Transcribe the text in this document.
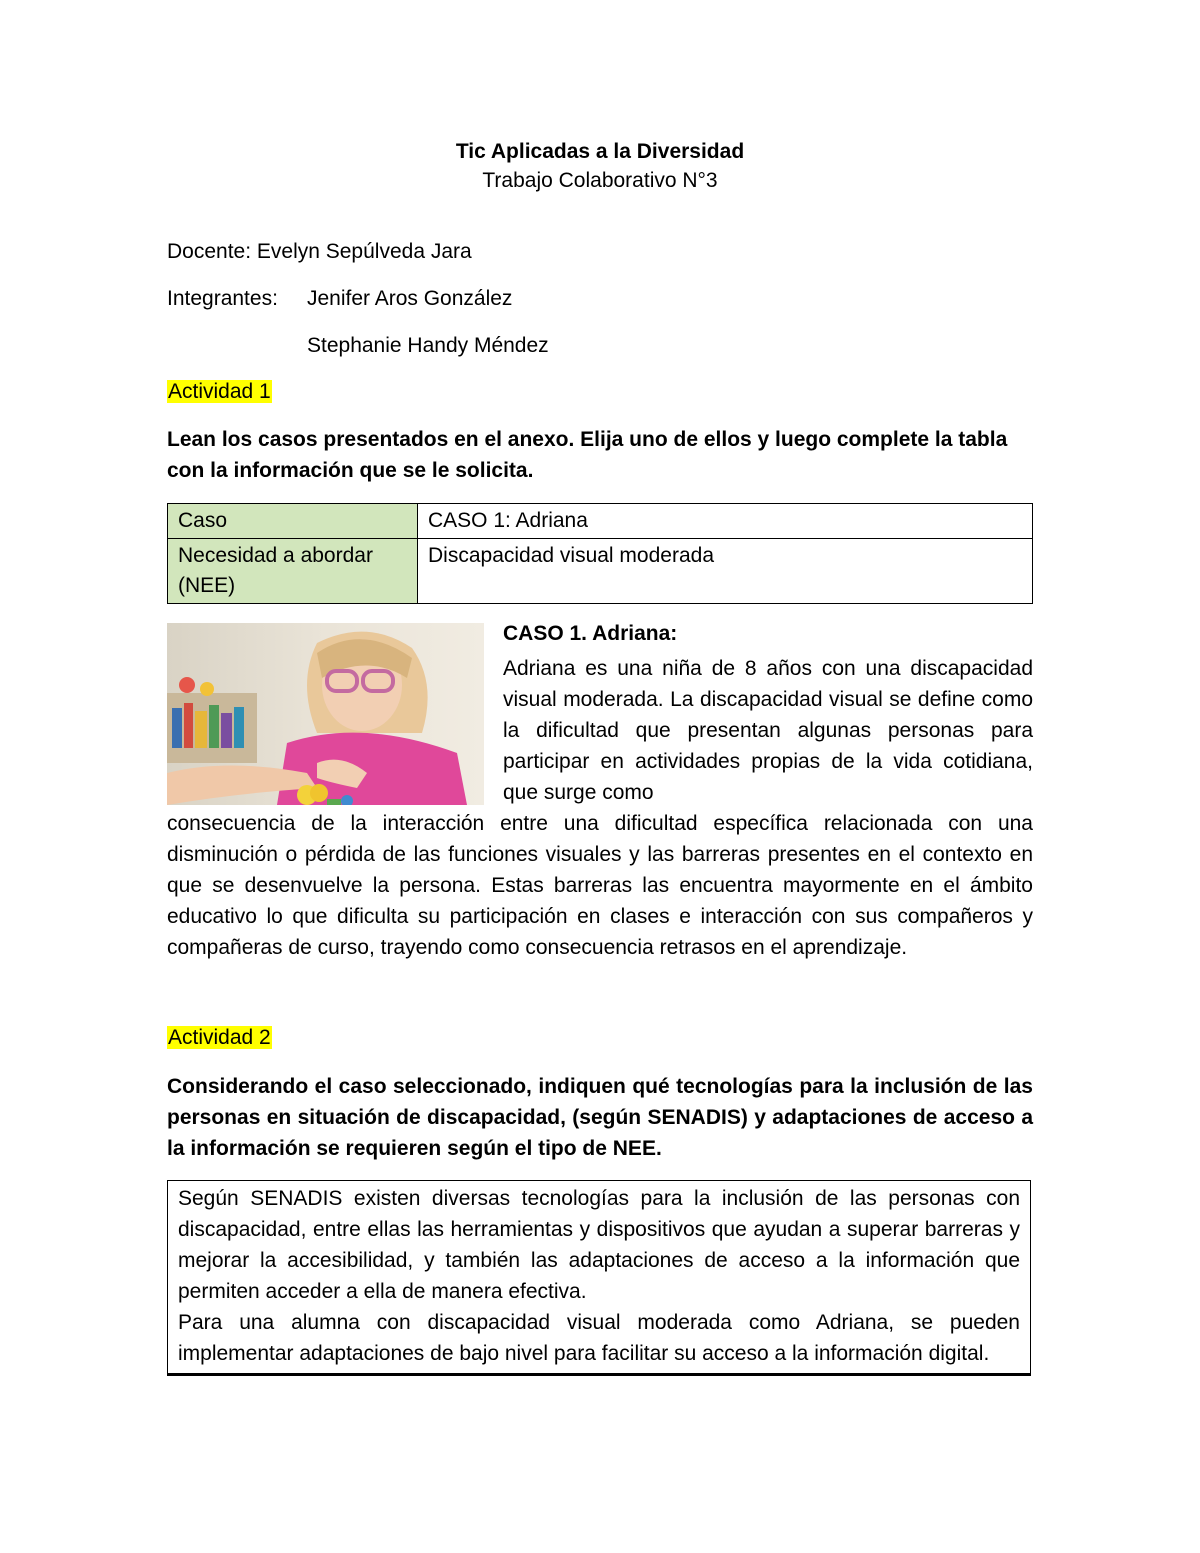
Tic Aplicadas a la Diversidad
Trabajo Colaborativo N°3
Docente: Evelyn Sepúlveda Jara
Integrantes: Jenifer Aros González
Stephanie Handy Méndez
Actividad 1
Lean los casos presentados en el anexo. Elija uno de ellos y luego complete la tabla con la información que se le solicita.
Caso	CASO 1: Adriana
Necesidad a abordar (NEE)	Discapacidad visual moderada
CASO 1. Adriana:
Adriana es una niña de 8 años con una discapacidad visual moderada. La discapacidad visual se define como la dificultad que presentan algunas personas para participar en actividades propias de la vida cotidiana, que surge como
consecuencia de la interacción entre una dificultad específica relacionada con una disminución o pérdida de las funciones visuales y las barreras presentes en el contexto en que se desenvuelve la persona. Estas barreras las encuentra mayormente en el ámbito educativo lo que dificulta su participación en clases e interacción con sus compañeros y compañeras de curso, trayendo como consecuencia retrasos en el aprendizaje.
Actividad 2
Considerando el caso seleccionado, indiquen qué tecnologías para la inclusión de las personas en situación de discapacidad, (según SENADIS) y adaptaciones de acceso a la información se requieren según el tipo de NEE.

Según SENADIS existen diversas tecnologías para la inclusión de las personas con discapacidad, entre ellas las herramientas y dispositivos que ayudan a superar barreras y mejorar la accesibilidad, y también las adaptaciones de acceso a la información que permiten acceder a ella de manera efectiva.

Para una alumna con discapacidad visual moderada como Adriana, se pueden implementar adaptaciones de bajo nivel para facilitar su acceso a la información digital.
